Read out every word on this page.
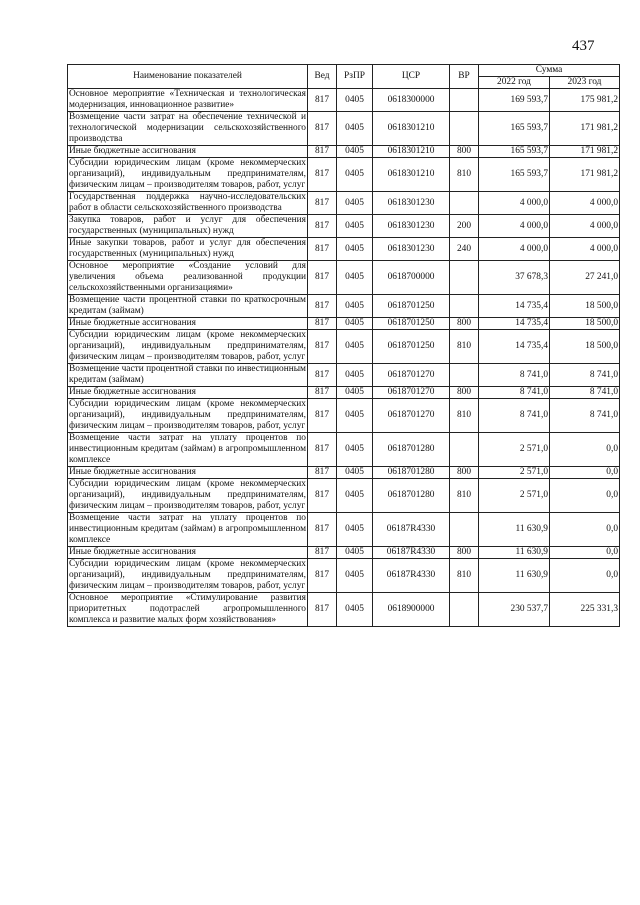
437
Наименование показателей	Вед	РзПР	ЦСР	ВР	Сумма	
					2022 год	2023 год
Основное мероприятие «Техническая и технологическая модернизация, инновационное развитие»	817	0405	0618300000		169 593,7	175 981,2
Возмещение части затрат на обеспечение технической и технологической модернизации сельскохозяйственного производства	817	0405	0618301210		165 593,7	171 981,2
Иные бюджетные ассигнования	817	0405	0618301210	800	165 593,7	171 981,2
Субсидии юридическим лицам (кроме некоммерческих организаций), индивидуальным предпринимателям, физическим лицам – производителям товаров, работ, услуг	817	0405	0618301210	810	165 593,7	171 981,2
Государственная поддержка научно-исследовательских работ в области сельскохозяйственного производства	817	0405	0618301230		4 000,0	4 000,0
Закупка товаров, работ и услуг для обеспечения государственных (муниципальных) нужд	817	0405	0618301230	200	4 000,0	4 000,0
Иные закупки товаров, работ и услуг для обеспечения государственных (муниципальных) нужд	817	0405	0618301230	240	4 000,0	4 000,0
Основное мероприятие «Создание условий для увеличения объема реализованной продукции сельскохозяйственными организациями»	817	0405	0618700000		37 678,3	27 241,0
Возмещение части процентной ставки по краткосрочным кредитам (займам)	817	0405	0618701250		14 735,4	18 500,0
Иные бюджетные ассигнования	817	0405	0618701250	800	14 735,4	18 500,0
Субсидии юридическим лицам (кроме некоммерческих организаций), индивидуальным предпринимателям, физическим лицам – производителям товаров, работ, услуг	817	0405	0618701250	810	14 735,4	18 500,0
Возмещение части процентной ставки по инвестиционным кредитам (займам)	817	0405	0618701270		8 741,0	8 741,0
Иные бюджетные ассигнования	817	0405	0618701270	800	8 741,0	8 741,0
Субсидии юридическим лицам (кроме некоммерческих организаций), индивидуальным предпринимателям, физическим лицам – производителям товаров, работ, услуг	817	0405	0618701270	810	8 741,0	8 741,0
Возмещение части затрат на уплату процентов по инвестиционным кредитам (займам) в агропромышленном комплексе	817	0405	0618701280		2 571,0	0,0
Иные бюджетные ассигнования	817	0405	0618701280	800	2 571,0	0,0
Субсидии юридическим лицам (кроме некоммерческих организаций), индивидуальным предпринимателям, физическим лицам – производителям товаров, работ, услуг	817	0405	0618701280	810	2 571,0	0,0
Возмещение части затрат на уплату процентов по инвестиционным кредитам (займам) в агропромышленном комплексе	817	0405	06187R4330		11 630,9	0,0
Иные бюджетные ассигнования	817	0405	06187R4330	800	11 630,9	0,0
Субсидии юридическим лицам (кроме некоммерческих организаций), индивидуальным предпринимателям, физическим лицам – производителям товаров, работ, услуг	817	0405	06187R4330	810	11 630,9	0,0
Основное мероприятие «Стимулирование развития приоритетных подотраслей агропромышленного комплекса и развитие малых форм хозяйствования»	817	0405	0618900000		230 537,7	225 331,3
